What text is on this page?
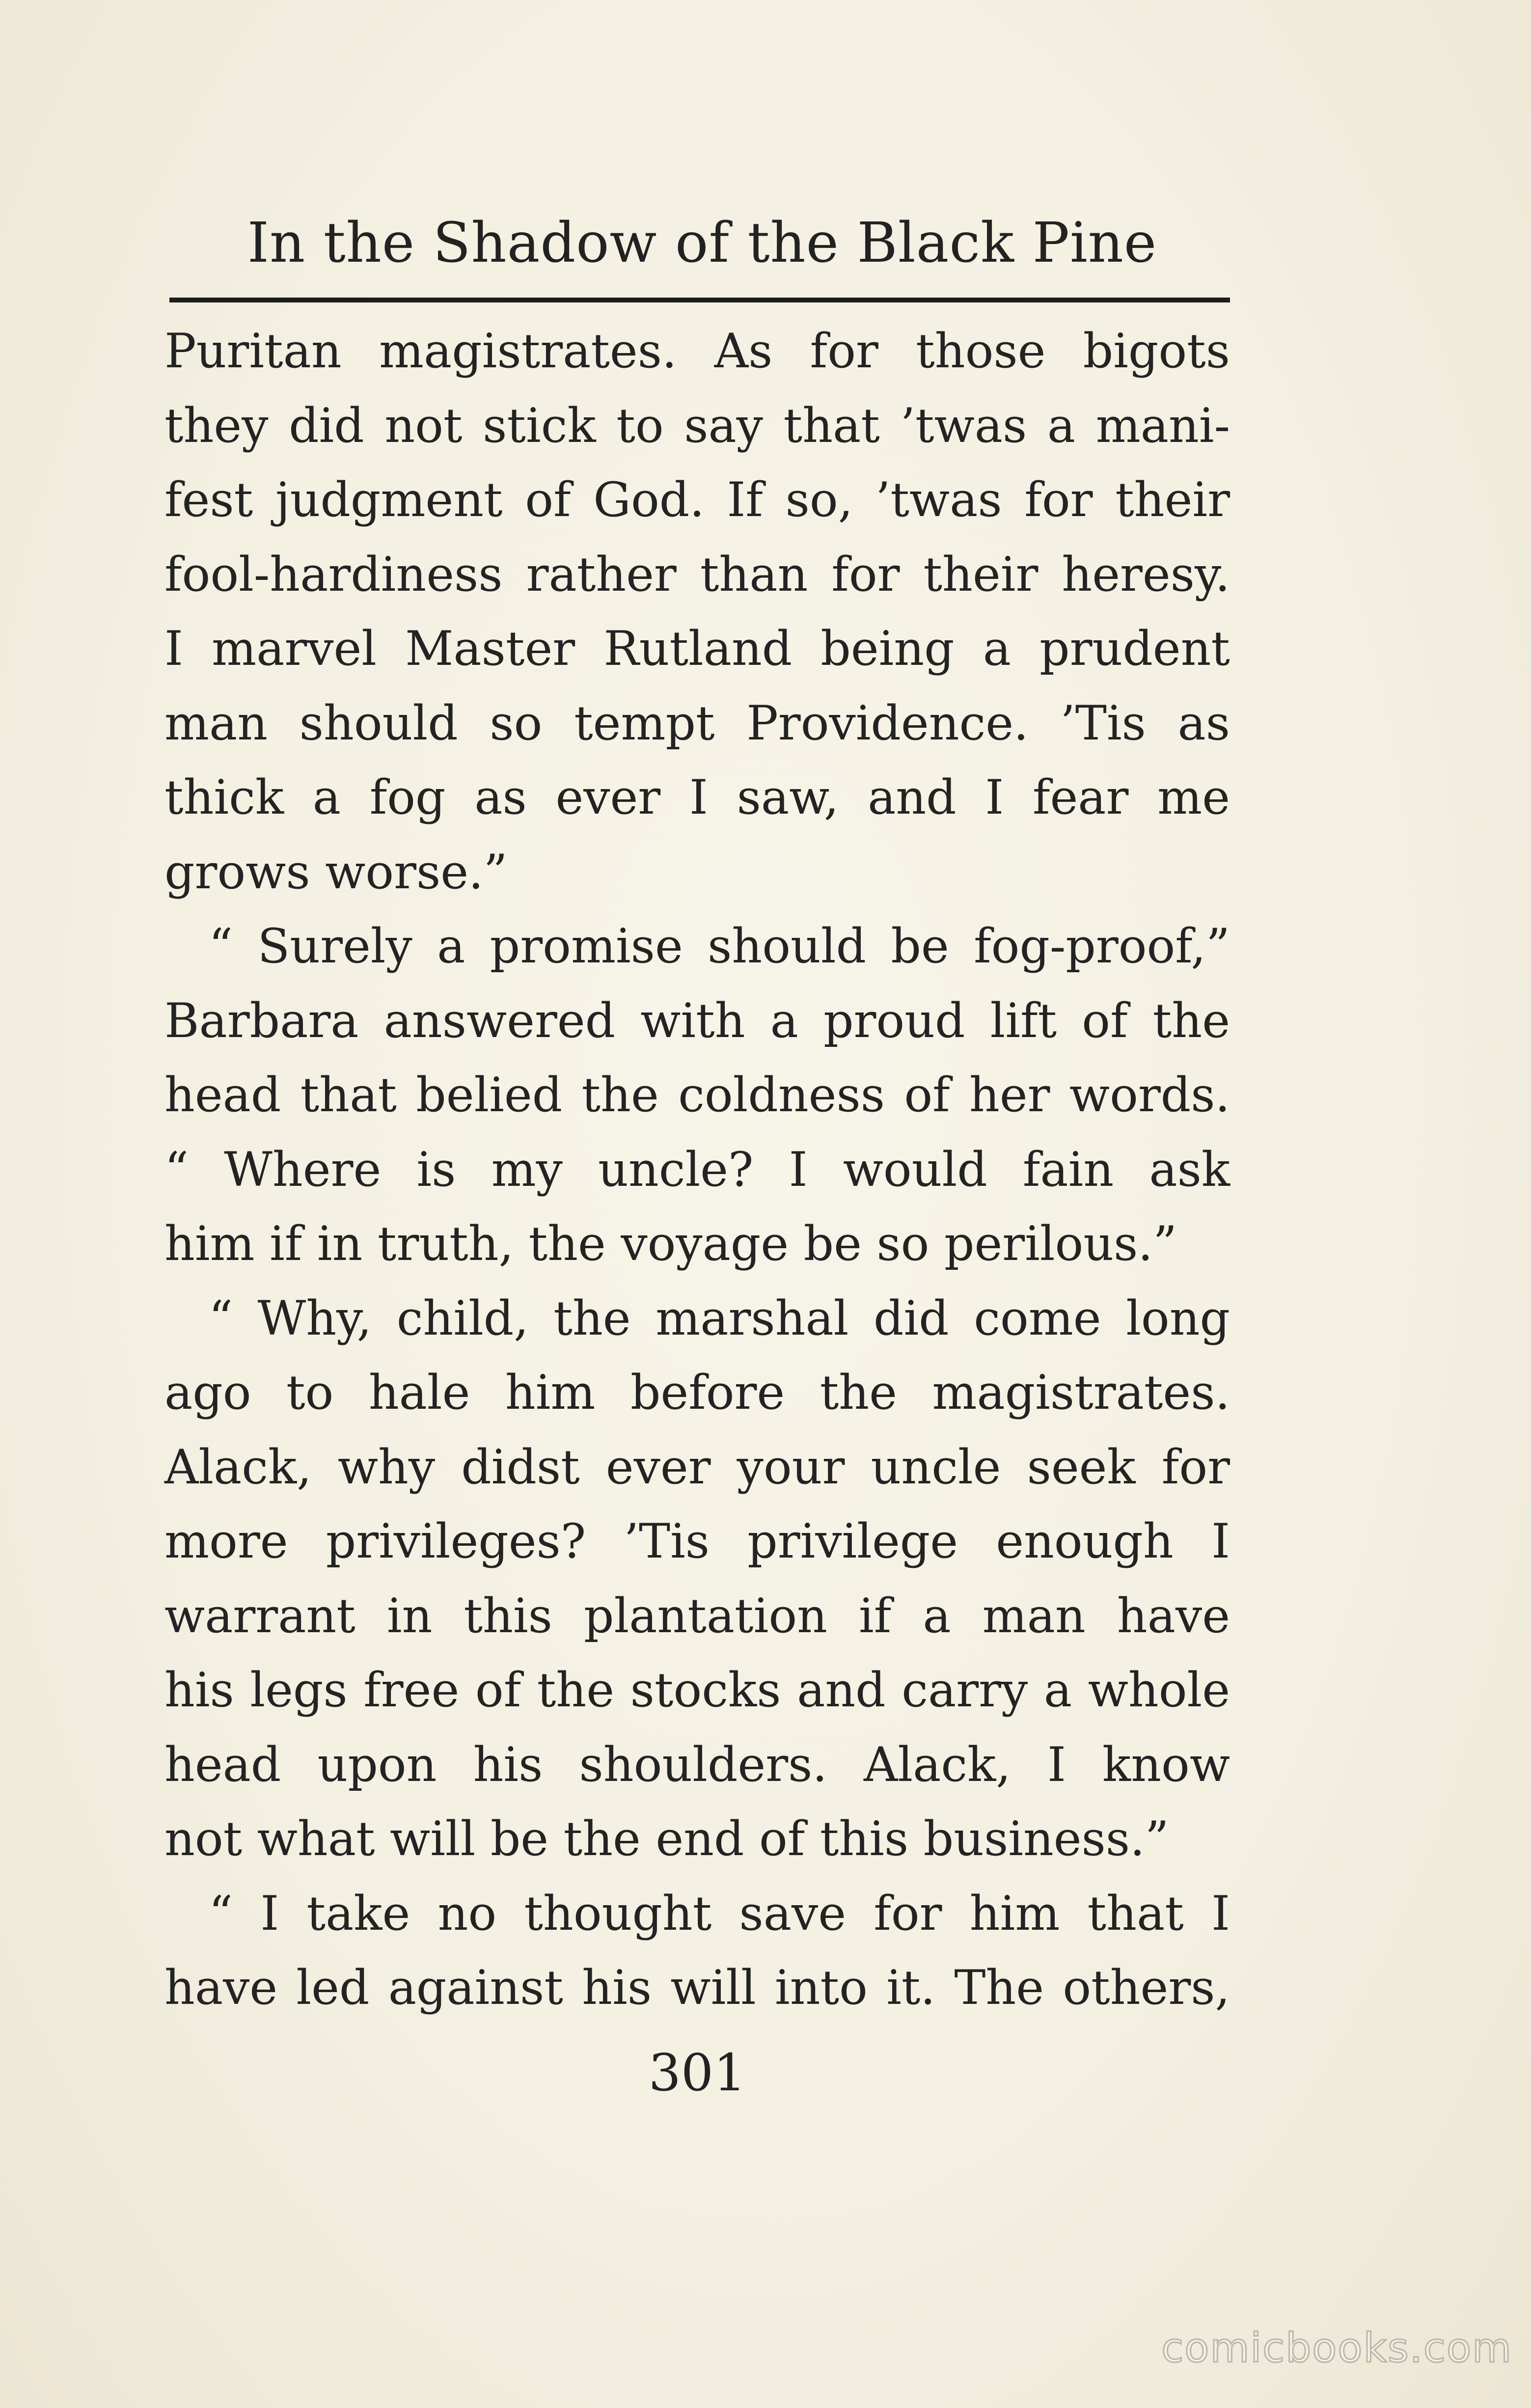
In the Shadow of the Black Pine
Puritan magistrates. As for those bigots
they did not stick to say that ’twas a mani-
fest judgment of God. If so, ’twas for their
fool-hardiness rather than for their heresy.
I marvel Master Rutland being a prudent
man should so tempt Providence. ’Tis as
thick a fog as ever I saw, and I fear me
grows worse.”
“ Surely a promise should be fog-proof,”
Barbara answered with a proud lift of the
head that belied the coldness of her words.
“ Where is my uncle? I would fain ask
him if in truth, the voyage be so perilous.”
“ Why, child, the marshal did come long
ago to hale him before the magistrates.
Alack, why didst ever your uncle seek for
more privileges? ’Tis privilege enough I
warrant in this plantation if a man have
his legs free of the stocks and carry a whole
head upon his shoulders. Alack, I know
not what will be the end of this business.”
“ I take no thought save for him that I
have led against his will into it. The others,
301
comicbooks.com
